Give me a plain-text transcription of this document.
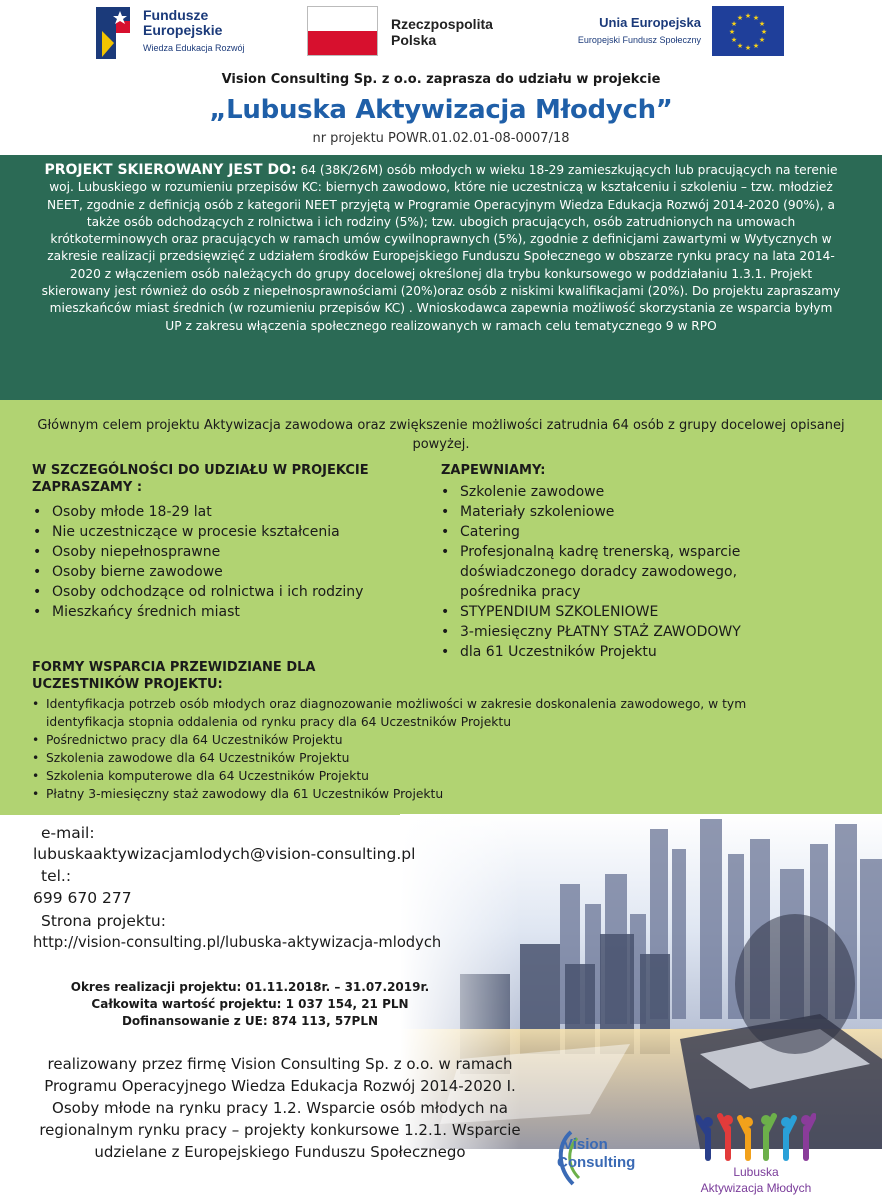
Fundusze
Europejskie
Wiedza Edukacja Rozwój
Rzeczpospolita
Polska
Unia Europejska
Europejski Fundusz Społeczny
★ ★
★
★
★
★
★
★
★
★
★
★
Vision Consulting Sp. z o.o. zaprasza do udziału w projekcie
„Lubuska Aktywizacja Młodych”
nr projektu POWR.01.02.01-08-0007/18
PROJEKT SKIEROWANY JEST DO: 64 (38K/26M) osób młodych w wieku 18-29 zamieszkujących lub pracujących na terenie woj. Lubuskiego w rozumieniu przepisów KC: biernych zawodowo, które nie uczestniczą w kształceniu i szkoleniu – tzw. młodzież NEET, zgodnie z definicją osób z kategorii NEET przyjętą w Programie Operacyjnym Wiedza Edukacja Rozwój 2014-2020 (90%), a także osób odchodzących z rolnictwa i ich rodziny (5%); tzw. ubogich pracujących, osób zatrudnionych na umowach krótkoterminowych oraz pracujących w ramach umów cywilnoprawnych (5%), zgodnie z definicjami zawartymi w Wytycznych w zakresie realizacji przedsięwzięć z udziałem środków Europejskiego Funduszu Społecznego w obszarze rynku pracy na lata 2014-2020 z włączeniem osób należących do grupy docelowej określonej dla trybu konkursowego w poddziałaniu 1.3.1. Projekt skierowany jest również do osób z niepełnosprawnościami (20%)oraz osób z niskimi kwalifikacjami (20%). Do projektu zapraszamy mieszkańców miast średnich (w rozumieniu przepisów KC) . Wnioskodawca zapewnia możliwość skorzystania ze wsparcia byłym UP z zakresu włączenia społecznego realizowanych w ramach celu tematycznego 9 w RPO
Głównym celem projektu Aktywizacja zawodowa oraz zwiększenie możliwości zatrudnia 64 osób z grupy docelowej opisanej powyżej.
W SZCZEGÓLNOŚCI DO UDZIAŁU W PROJEKCIE
ZAPRASZAMY :
• Osoby młode 18-29 lat
• Nie uczestniczące w procesie kształcenia
• Osoby niepełnosprawne
• Osoby bierne zawodowe
• Osoby odchodzące od rolnictwa i ich rodziny
• Mieszkańcy średnich miast
ZAPEWNIAMY:
• Szkolenie zawodowe
• Materiały szkoleniowe
• Catering
• Profesjonalną kadrę trenerską, wsparcie doświadczonego doradcy zawodowego, pośrednika pracy
• STYPENDIUM SZKOLENIOWE
• 3-miesięczny PŁATNY STAŻ ZAWODOWY
• dla 61 Uczestników Projektu
FORMY WSPARCIA PRZEWIDZIANE DLA
UCZESTNIKÓW PROJEKTU:
• Identyfikacja potrzeb osób młodych oraz diagnozowanie możliwości w zakresie doskonalenia zawodowego, w tym identyfikacja stopnia oddalenia od rynku pracy dla 64 Uczestników Projektu
• Pośrednictwo pracy dla 64 Uczestników Projektu
• Szkolenia zawodowe dla 64 Uczestników Projektu
• Szkolenia komputerowe dla 64 Uczestników Projektu
• Płatny 3-miesięczny staż zawodowy dla 61 Uczestników Projektu
e-mail:
lubuskaaktywizacjamlodych@vision-consulting.pl
tel.:
699 670 277
Strona projektu:
http://vision-consulting.pl/lubuska-aktywizacja-mlodych
Okres realizacji projektu: 01.11.2018r. – 31.07.2019r.
Całkowita wartość projektu: 1 037 154, 21 PLN
Dofinansowanie z UE: 874 113, 57PLN
realizowany przez firmę Vision Consulting Sp. z o.o. w ramach Programu Operacyjnego Wiedza Edukacja Rozwój 2014-2020 I. Osoby młode na rynku pracy 1.2. Wsparcie osób młodych na regionalnym rynku pracy – projekty konkursowe 1.2.1. Wsparcie udzielane z Europejskiego Funduszu Społecznego	Vision
Consulting
Lubuska
Aktywizacja Młodych
